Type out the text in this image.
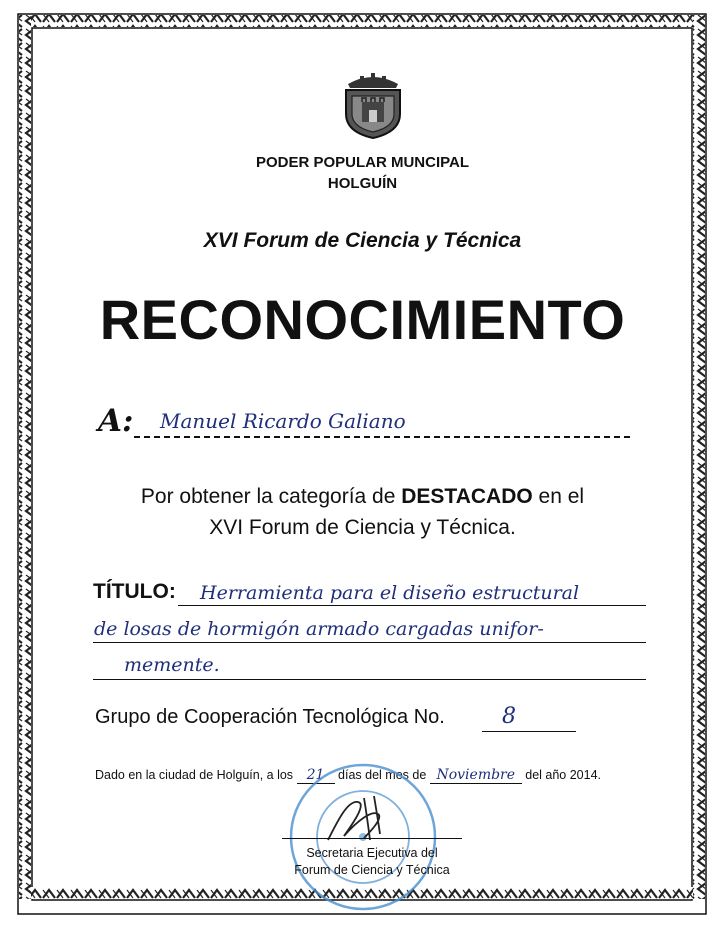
PODER POPULAR MUNCIPAL
HOLGUÍN
XVI Forum de Ciencia y Técnica
RECONOCIMIENTO
A: Manuel Ricardo Galiano
Por obtener la categoría de DESTACADO en el
XVI Forum de Ciencia y Técnica.
TÍTULO: Herramienta para el diseño estructural
de losas de hormigón armado cargadas unifor-
memente.
Grupo de Cooperación Tecnológica No.	8
Dado en la ciudad de Holguín, a los 21 días del mes de Noviembre del año 2014.
Secretaria Ejecutiva del
Forum de Ciencia y Técnica
